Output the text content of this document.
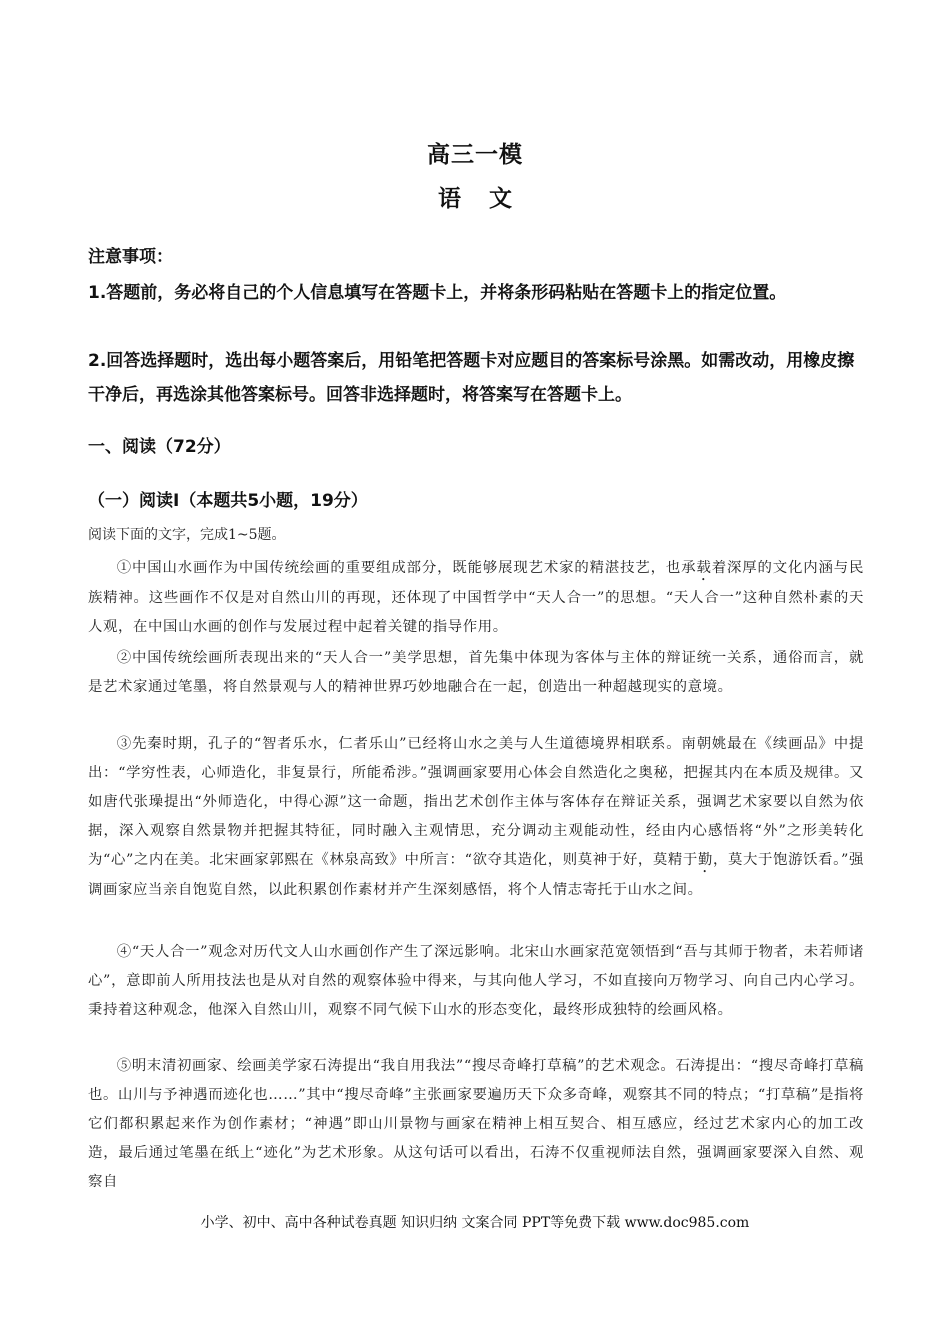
高三一模
语 文
注意事项：
1.答题前，务必将自己的个人信息填写在答题卡上，并将条形码粘贴在答题卡上的指定位置。
2.回答选择题时，选出每小题答案后，用铅笔把答题卡对应题目的答案标号涂黑。如需改动，用橡皮擦干净后，再选涂其他答案标号。回答非选择题时，将答案写在答题卡上。
一、阅读（72分）
（一）阅读Ⅰ（本题共5小题，19分）
阅读下面的文字，完成1~5题。
①中国山水画作为中国传统绘画的重要组成部分，既能够展现艺术家的精湛技艺，也承载着深厚的文化内涵与民族精神。这些画作不仅是对自然山川的再现，还体现了中国哲学中“天人合一”的思想。“天人合一”这种自然朴素的天人观，在中国山水画的创作与发展过程中起着关键的指导作用。
②中国传统绘画所表现出来的“天人合一”美学思想，首先集中体现为客体与主体的辩证统一关系，通俗而言，就是艺术家通过笔墨，将自然景观与人的精神世界巧妙地融合在一起，创造出一种超越现实的意境。
③先秦时期，孔子的“智者乐水，仁者乐山”已经将山水之美与人生道德境界相联系。南朝姚最在《续画品》中提出：“学穷性表，心师造化，非复景行，所能希涉。”强调画家要用心体会自然造化之奥秘，把握其内在本质及规律。又如唐代张璪提出“外师造化，中得心源”这一命题，指出艺术创作主体与客体存在辩证关系，强调艺术家要以自然为依据，深入观察自然景物并把握其特征，同时融入主观情思，充分调动主观能动性，经由内心感悟将“外”之形美转化为“心”之内在美。北宋画家郭熙在《林泉高致》中所言：“欲夺其造化，则莫神于好，莫精于勤，莫大于饱游饫看。”强调画家应当亲自饱览自然，以此积累创作素材并产生深刻感悟，将个人情志寄托于山水之间。
④“天人合一”观念对历代文人山水画创作产生了深远影响。北宋山水画家范宽领悟到“吾与其师于物者，未若师诸心”，意即前人所用技法也是从对自然的观察体验中得来，与其向他人学习，不如直接向万物学习、向自己内心学习。秉持着这种观念，他深入自然山川，观察不同气候下山水的形态变化，最终形成独特的绘画风格。
⑤明末清初画家、绘画美学家石涛提出“我自用我法”“搜尽奇峰打草稿”的艺术观念。石涛提出：“搜尽奇峰打草稿也。山川与予神遇而迹化也……”其中“搜尽奇峰”主张画家要遍历天下众多奇峰，观察其不同的特点；“打草稿”是指将它们都积累起来作为创作素材；“神遇”即山川景物与画家在精神上相互契合、相互感应，经过艺术家内心的加工改造，最后通过笔墨在纸上“迹化”为艺术形象。从这句话可以看出，石涛不仅重视师法自然，强调画家要深入自然、观察自
小学、初中、高中各种试卷真题 知识归纳 文案合同 PPT等免费下载 www.doc985.com
